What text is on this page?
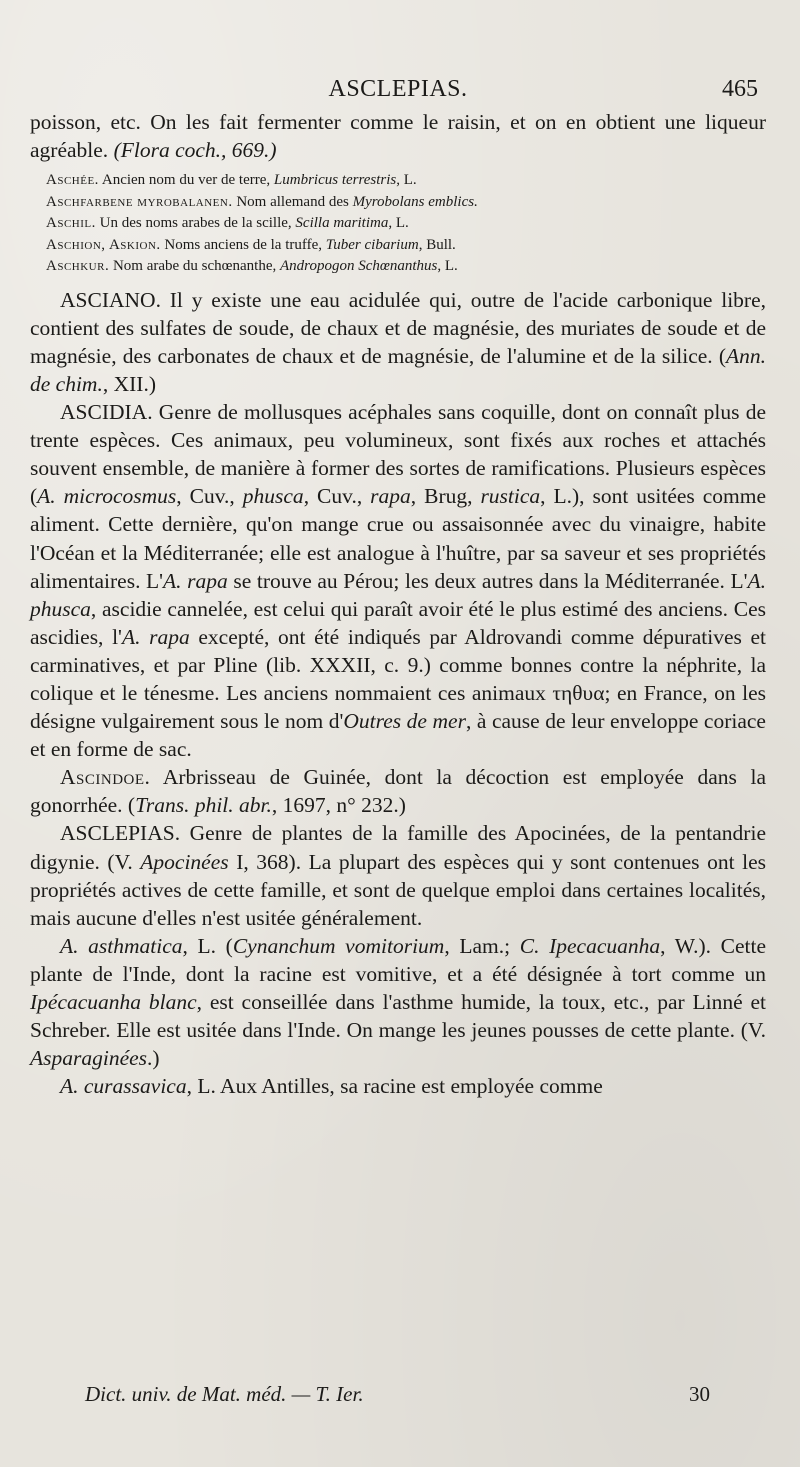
ASCLEPIAS.	465

poisson, etc. On les fait fermenter comme le raisin, et on en obtient une liqueur agréable. (Flora coch., 669.)

Aschée. Ancien nom du ver de terre, Lumbricus terrestris, L.

Aschfarbene myrobalanen. Nom allemand des Myrobolans emblics.

Aschil. Un des noms arabes de la scille, Scilla maritima, L.

Aschion, Askion. Noms anciens de la truffe, Tuber cibarium, Bull.

Aschkur. Nom arabe du schœnanthe, Andropogon Schœnanthus, L.

ASCIANO. Il y existe une eau acidulée qui, outre de l'acide carbonique libre, contient des sulfates de soude, de chaux et de magnésie, des muriates de soude et de magnésie, des carbonates de chaux et de magnésie, de l'alumine et de la silice. (Ann. de chim., XII.)

ASCIDIA. Genre de mollusques acéphales sans coquille, dont on connaît plus de trente espèces. Ces animaux, peu volumineux, sont fixés aux roches et attachés souvent ensemble, de manière à former des sortes de ramifications. Plusieurs espèces (A. microcosmus, Cuv., phusca, Cuv., rapa, Brug, rustica, L.), sont usitées comme aliment. Cette dernière, qu'on mange crue ou assaisonnée avec du vinaigre, habite l'Océan et la Méditerranée; elle est analogue à l'huître, par sa saveur et ses propriétés alimentaires. L'A. rapa se trouve au Pérou; les deux autres dans la Méditerranée. L'A. phusca, ascidie cannelée, est celui qui paraît avoir été le plus estimé des anciens. Ces ascidies, l'A. rapa excepté, ont été indiqués par Aldrovandi comme dépuratives et carminatives, et par Pline (lib. XXXII, c. 9.) comme bonnes contre la néphrite, la colique et le ténesme. Les anciens nommaient ces animaux τηθυα; en France, on les désigne vulgairement sous le nom d'Outres de mer, à cause de leur enveloppe coriace et en forme de sac.

Ascindoe. Arbrisseau de Guinée, dont la décoction est employée dans la gonorrhée. (Trans. phil. abr., 1697, n° 232.)

ASCLEPIAS. Genre de plantes de la famille des Apocinées, de la pentandrie digynie. (V. Apocinées I, 368). La plupart des espèces qui y sont contenues ont les propriétés actives de cette famille, et sont de quelque emploi dans certaines localités, mais aucune d'elles n'est usitée généralement.

A. asthmatica, L. (Cynanchum vomitorium, Lam.; C. Ipecacuanha, W.). Cette plante de l'Inde, dont la racine est vomitive, et a été désignée à tort comme un Ipécacuanha blanc, est conseillée dans l'asthme humide, la toux, etc., par Linné et Schreber. Elle est usitée dans l'Inde. On mange les jeunes pousses de cette plante. (V. Asparaginées.)

A. curassavica, L. Aux Antilles, sa racine est employée comme

Dict. univ. de Mat. méd. — T. Ier.	30
